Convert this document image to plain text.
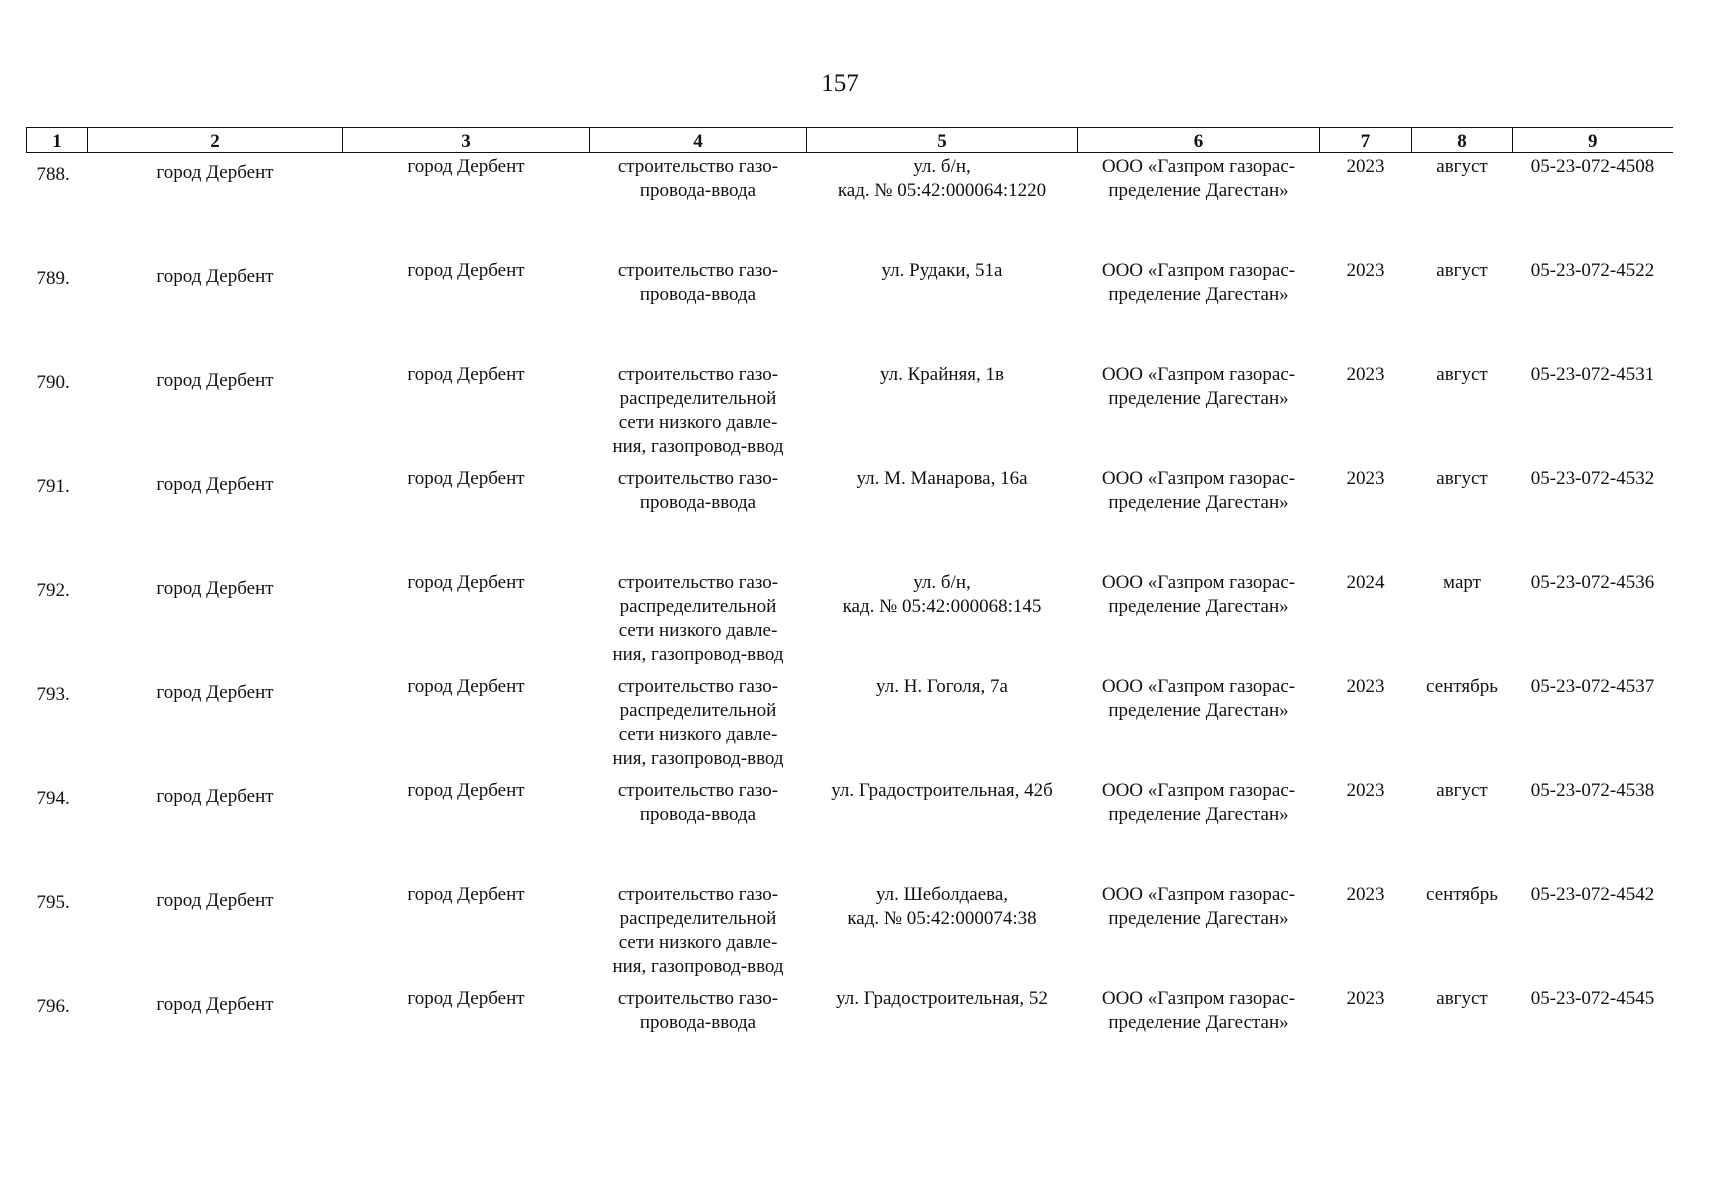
157
1	2	3	4	5	6	7	8	9
788.	город Дербент	город Дербент	строительство газо-
провода-ввода	ул. б/н,
кад. № 05:42:000064:1220	ООО «Газпром газорас-
пределение Дагестан»	2023	август	05-23-072-4508
789.	город Дербент	город Дербент	строительство газо-
провода-ввода	ул. Рудаки, 51а	ООО «Газпром газорас-
пределение Дагестан»	2023	август	05-23-072-4522
790.	город Дербент	город Дербент	строительство газо-
распределительной
сети низкого давле-
ния, газопровод-ввод	ул. Крайняя, 1в	ООО «Газпром газорас-
пределение Дагестан»	2023	август	05-23-072-4531
791.	город Дербент	город Дербент	строительство газо-
провода-ввода	ул. М. Манарова, 16а	ООО «Газпром газорас-
пределение Дагестан»	2023	август	05-23-072-4532
792.	город Дербент	город Дербент	строительство газо-
распределительной
сети низкого давле-
ния, газопровод-ввод	ул. б/н,
кад. № 05:42:000068:145	ООО «Газпром газорас-
пределение Дагестан»	2024	март	05-23-072-4536
793.	город Дербент	город Дербент	строительство газо-
распределительной
сети низкого давле-
ния, газопровод-ввод	ул. Н. Гоголя, 7а	ООО «Газпром газорас-
пределение Дагестан»	2023	сентябрь	05-23-072-4537
794.	город Дербент	город Дербент	строительство газо-
провода-ввода	ул. Градостроительная, 42б	ООО «Газпром газорас-
пределение Дагестан»	2023	август	05-23-072-4538
795.	город Дербент	город Дербент	строительство газо-
распределительной
сети низкого давле-
ния, газопровод-ввод	ул. Шеболдаева,
кад. № 05:42:000074:38	ООО «Газпром газорас-
пределение Дагестан»	2023	сентябрь	05-23-072-4542
796.	город Дербент	город Дербент	строительство газо-
провода-ввода	ул. Градостроительная, 52	ООО «Газпром газорас-
пределение Дагестан»	2023	август	05-23-072-4545
